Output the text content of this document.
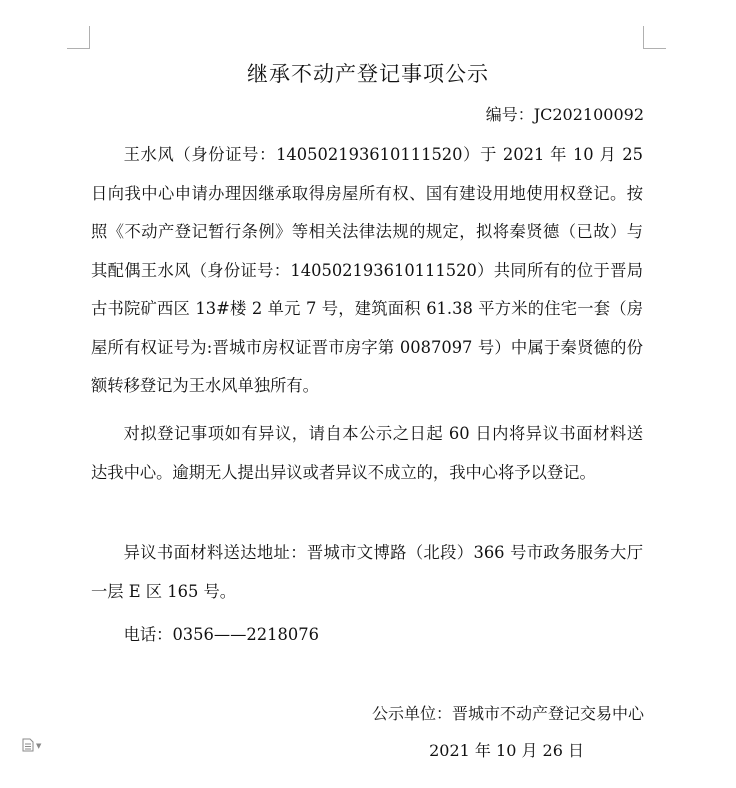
继承不动产登记事项公示

编号：JC202100092

王水风（身份证号：140502193610111520）于 2021 年 10 月 25 日向我中心申请办理因继承取得房屋所有权、国有建设用地使用权登记。按照《不动产登记暂行条例》等相关法律法规的规定，拟将秦贤德（已故）与其配偶王水风（身份证号：140502193610111520）共同所有的位于晋局古书院矿西区 13#楼 2 单元 7 号，建筑面积 61.38 平方米的住宅一套（房屋所有权证号为:晋城市房权证晋市房字第 0087097 号）中属于秦贤德的份额转移登记为王水风单独所有。

对拟登记事项如有异议，请自本公示之日起 60 日内将异议书面材料送达我中心。逾期无人提出异议或者异议不成立的，我中心将予以登记。

异议书面材料送达地址：晋城市文博路（北段）366 号市政务服务大厅一层 E 区 165 号。

电话：0356——2218076

公示单位：晋城市不动产登记交易中心

2021 年 10 月 26 日

▼
